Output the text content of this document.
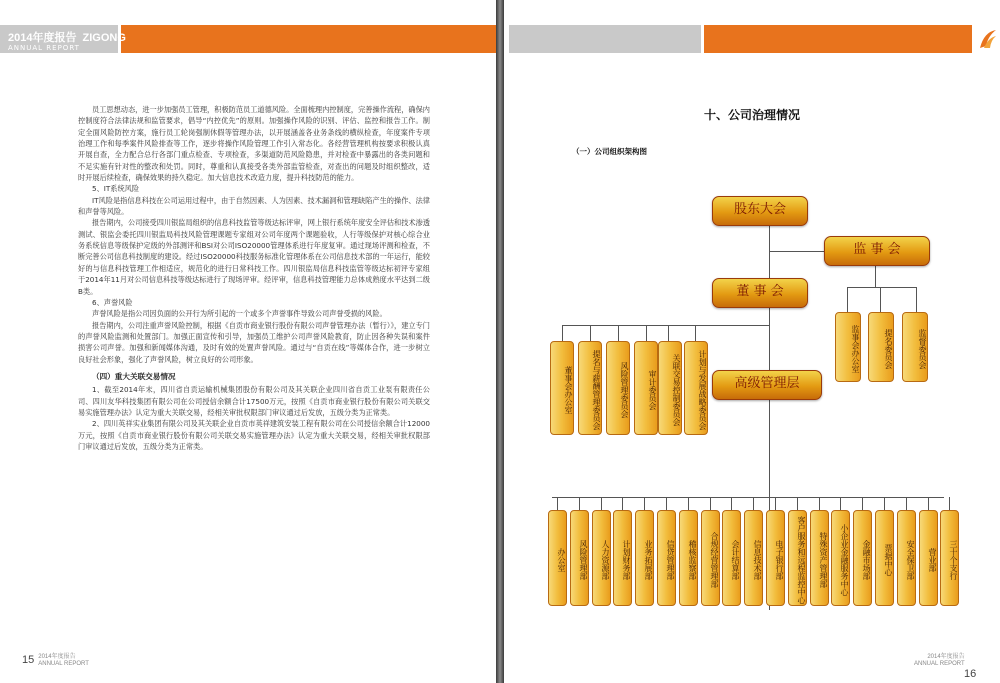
2014年度报告 ZIGONG
ANNUAL REPORT

员工思想动态，进一步加强员工管理，积极防范员工道德风险。全面梳理内控制度，完善操作流程，确保内控制度符合法律法规和监管要求，倡导“内控优先”的原则。加强操作风险的识别、评估、监控和报告工作。制定全面风险防控方案，施行员工轮岗强制休假等管理办法，以开展涵盖各业务条线的横纵检查，年度案件专项治理工作和每季案件风险排查等工作，逐步将操作风险管理工作引入常态化。各经营管理机构按要求积极认真开展自查，全力配合总行各部门重点检查、专项检查，多渠道防范风险隐患，并对检查中暴露出的各类问题和不足实施有针对性的整改和处罚。同时，尊重和认真接受各类外部监管检查，对查出的问题及时组织整改，适时开展后续检查，确保效果的持久稳定。加大信息技术改造力度，提升科技防范的能力。

5、IT系统风险

IT风险是指信息科技在公司运用过程中，由于自然因素、人为因素、技术漏洞和管理缺陷产生的操作、法律和声誉等风险。

报告期内，公司接受四川银监局组织的信息科技监管等级达标评审，网上银行系统年度安全评估和技术渗透测试、银监会委托四川银监局科技风险管理课题专家组对公司年度两个课题验收，人行等级保护对核心综合业务系统信息等级保护定级的外部测评和BSI对公司ISO20000管理体系进行年度复审。通过现场评测和检查，不断完善公司信息科技制度的建设。经过ISO20000科技服务标准化管理体系在公司信息技术部的一年运行，能较好的与信息科技管理工作相适应，规范化的进行日常科技工作。四川银监局信息科技监管等级达标初评专家组于2014年11月对公司信息科技等级达标进行了现场评审。经评审，信息科技管理能力总体成熟度水平达到二级B类。

6、声誉风险

声誉风险是指公司因负面的公开行为所引起的一个或多个声誉事件导致公司声誉受损的风险。

报告期内，公司注重声誉风险控制，根据《自贡市商业银行股份有限公司声誉管理办法（暂行）》，建立专门的声誉风险监测和处置部门。加强正面宣传和引导，加强员工维护公司声誉风险教育，防止因各种失误和案件损害公司声誉。加强和新闻媒体沟通，及时有效的处置声誉风险。通过与“自贡在线”等媒体合作，进一步树立良好社会形象，强化了声誉风险，树立良好的公司形象。

（四）重大关联交易情况

1、截至2014年末，四川省自贡运输机械集团股份有限公司及其关联企业四川省自贡工业泵有限责任公司、四川友华科技集团有限公司在公司授信余额合计17500万元，按照《自贡市商业银行股份有限公司关联交易实施管理办法》认定为重大关联交易，经相关审批权限部门审议通过后发放，五级分类为正常类。

2、四川英祥实业集团有限公司及其关联企业自贡市英祥建筑安装工程有限公司在公司授信余额合计12000万元，按照《自贡市商业银行股份有限公司关联交易实施管理办法》认定为重大关联交易，经相关审批权限部门审议通过后发放，五级分类为正常类。

15 2014年度报告
ANNUAL REPORT
十、公司治理情况
（一）公司组织架构图
股东大会
监 事 会
董 事 会
高级管理层
董事会办公室	提名与薪酬管理委员会	风险管理委员会	审计委员会	关联交易控制委员会	计划与发展战略委员会
监事会办公室	提名委员会	监督委员会
办公室	风险管理部	人力资源部	计划财务部	业务拓展部	信贷管理部	稽核监察部	合规经营管理部	会计结算部	信息技术部	电子银行部	客户服务和远程监控中心	特殊资产管理部	小企业金融服务中心	金融市场部	票据中心	安全保卫部	营业部	三十个支行
2014年度报告
ANNUAL REPORT
16
